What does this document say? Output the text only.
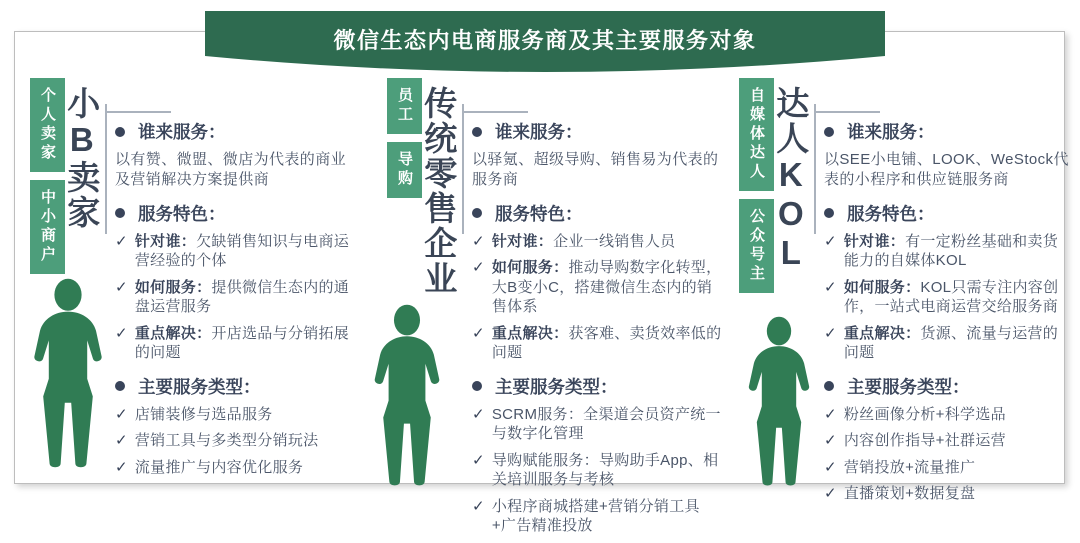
微信生态内电商服务商及其主要服务对象
个人卖家
中小商户 小B卖家 谁来服务：

以有赞、微盟、微店为代表的商业及营销解决方案提供商

服务特色：
✓ 针对谁：欠缺销售知识与电商运营经验的个体
✓ 如何服务：提供微信生态内的通盘运营服务
✓ 重点解决：开店选品与分销拓展的问题
主要服务类型：
✓ 店铺装修与选品服务
✓ 营销工具与多类型分销玩法
✓ 流量推广与内容优化服务
员工
导购 传统零售企业 谁来服务：

以驿氪、超级导购、销售易为代表的服务商

服务特色：
✓ 针对谁：企业一线销售人员
✓ 如何服务：推动导购数字化转型，大B变小C，搭建微信生态内的销售体系
✓ 重点解决：获客难、卖货效率低的问题
主要服务类型：
✓ SCRM服务：全渠道会员资产统一与数字化管理
✓ 导购赋能服务：导购助手App、相关培训服务与考核
✓ 小程序商城搭建+营销分销工具+广告精准投放
自媒体达人
公众号主 达人KOL 谁来服务：

以SEE小电铺、LOOK、WeStock代表的小程序和供应链服务商

服务特色：
✓ 针对谁：有一定粉丝基础和卖货能力的自媒体KOL
✓ 如何服务：KOL只需专注内容创作，一站式电商运营交给服务商
✓ 重点解决：货源、流量与运营的问题
主要服务类型：
✓ 粉丝画像分析+科学选品
✓ 内容创作指导+社群运营
✓ 营销投放+流量推广
✓ 直播策划+数据复盘
